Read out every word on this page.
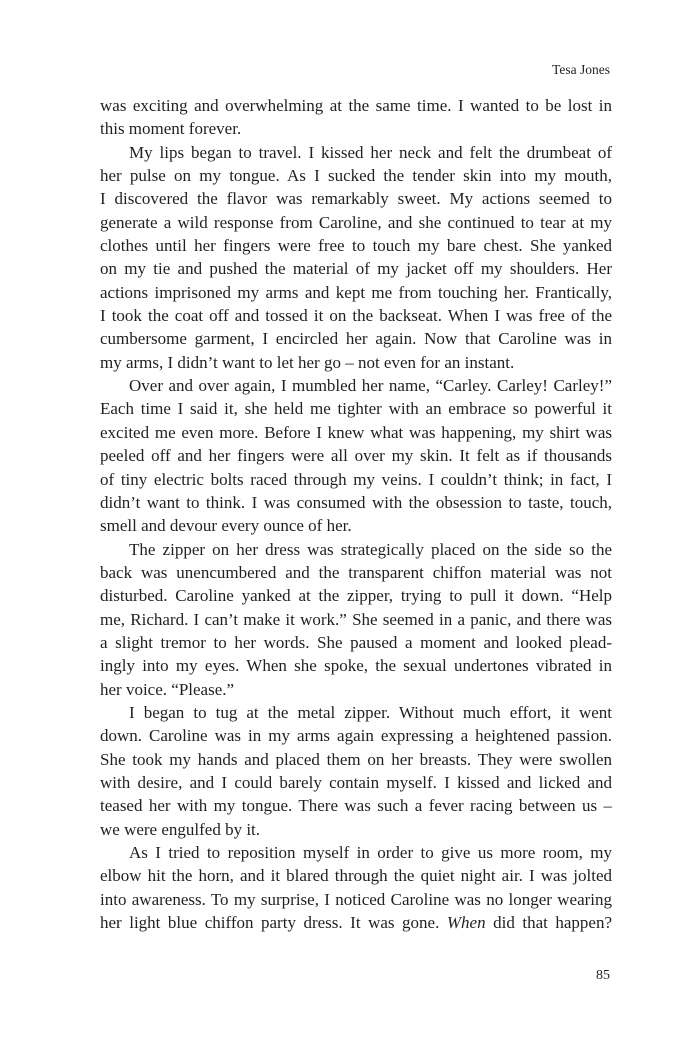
Tesa Jones
was exciting and overwhelming at the same time. I wanted to be lost in
this moment forever.
My lips began to travel. I kissed her neck and felt the drumbeat of
her pulse on my tongue. As I sucked the tender skin into my mouth,
I discovered the flavor was remarkably sweet. My actions seemed to
generate a wild response from Caroline, and she continued to tear at my
clothes until her fingers were free to touch my bare chest. She yanked
on my tie and pushed the material of my jacket off my shoulders. Her
actions imprisoned my arms and kept me from touching her. Frantically,
I took the coat off and tossed it on the backseat. When I was free of the
cumbersome garment, I encircled her again. Now that Caroline was in
my arms, I didn’t want to let her go – not even for an instant.
Over and over again, I mumbled her name, “Carley. Carley! Carley!”
Each time I said it, she held me tighter with an embrace so powerful it
excited me even more. Before I knew what was happening, my shirt was
peeled off and her fingers were all over my skin. It felt as if thousands
of tiny electric bolts raced through my veins. I couldn’t think; in fact, I
didn’t want to think. I was consumed with the obsession to taste, touch,
smell and devour every ounce of her.
The zipper on her dress was strategically placed on the side so the
back was unencumbered and the transparent chiffon material was not
disturbed. Caroline yanked at the zipper, trying to pull it down. “Help
me, Richard. I can’t make it work.” She seemed in a panic, and there was
a slight tremor to her words. She paused a moment and looked plead-
ingly into my eyes. When she spoke, the sexual undertones vibrated in
her voice. “Please.”
I began to tug at the metal zipper. Without much effort, it went
down. Caroline was in my arms again expressing a heightened passion.
She took my hands and placed them on her breasts. They were swollen
with desire, and I could barely contain myself. I kissed and licked and
teased her with my tongue. There was such a fever racing between us –
we were engulfed by it.
As I tried to reposition myself in order to give us more room, my
elbow hit the horn, and it blared through the quiet night air. I was jolted
into awareness. To my surprise, I noticed Caroline was no longer wearing
her light blue chiffon party dress. It was gone. When did that happen?
85
